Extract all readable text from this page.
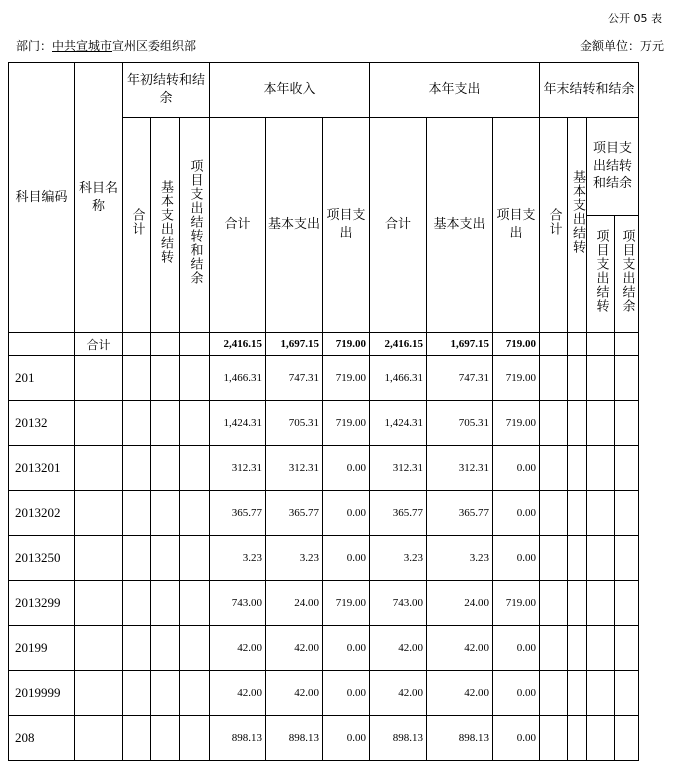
公开 05 表
部门：中共宣城市宣州区委组织部	金额单位：万元
科目编码	科目名称	年初结转和结余			本年收入			本年支出			年末结转和结余			
		合计	基本支出结转	项目支出结转和结余	合计	基本支出	项目支出	合计	基本支出	项目支出	合计	基本支出结转	项目支出结转和结余	
													项目支出结转	项目支出结余
	合计				2,416.15	1,697.15	719.00	2,416.15	1,697.15	719.00				
201					1,466.31	747.31	719.00	1,466.31	747.31	719.00				
20132					1,424.31	705.31	719.00	1,424.31	705.31	719.00				
2013201					312.31	312.31	0.00	312.31	312.31	0.00				
2013202					365.77	365.77	0.00	365.77	365.77	0.00				
2013250					3.23	3.23	0.00	3.23	3.23	0.00				
2013299					743.00	24.00	719.00	743.00	24.00	719.00				
20199					42.00	42.00	0.00	42.00	42.00	0.00				
2019999					42.00	42.00	0.00	42.00	42.00	0.00				
208					898.13	898.13	0.00	898.13	898.13	0.00				
